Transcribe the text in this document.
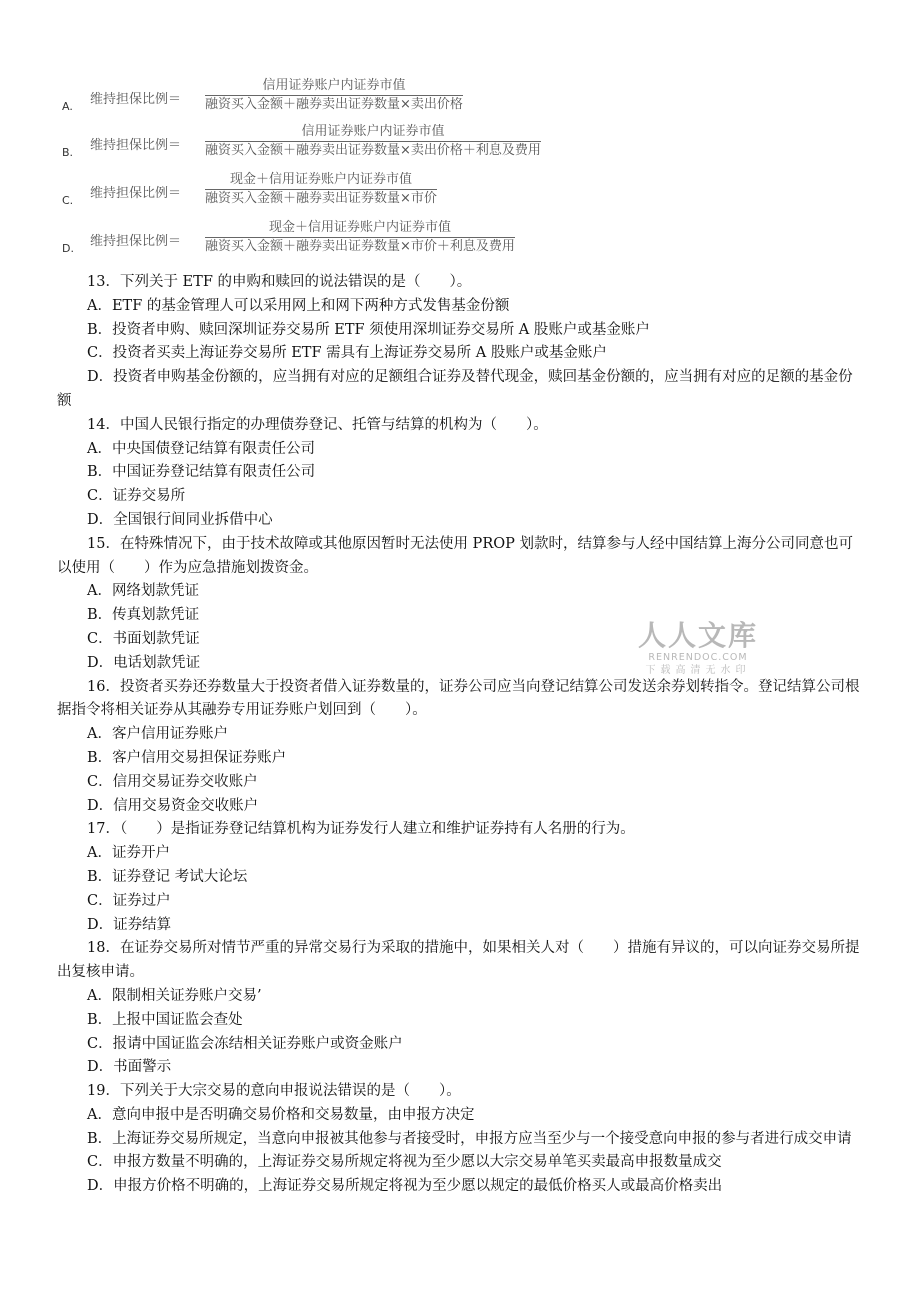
A. 维持担保比例＝
信用证券账户内证券市值
融资买入金额＋融券卖出证券数量×卖出价格
B. 维持担保比例＝
信用证券账户内证券市值
融资买入金额＋融券卖出证券数量×卖出价格＋利息及费用
C. 维持担保比例＝
现金＋信用证券账户内证券市值
融资买入金额＋融券卖出证券数量×市价
D. 维持担保比例＝
现金＋信用证券账户内证券市值
融资买入金额＋融券卖出证券数量×市价＋利息及费用

13．下列关于 ETF 的申购和赎回的说法错误的是（　　）。

A．ETF 的基金管理人可以采用网上和网下两种方式发售基金份额

B．投资者申购、赎回深圳证券交易所 ETF 须使用深圳证券交易所 A 股账户或基金账户

C．投资者买卖上海证券交易所 ETF 需具有上海证券交易所 A 股账户或基金账户

D．投资者申购基金份额的，应当拥有对应的足额组合证券及替代现金，赎回基金份额的，应当拥有对应的足额的基金份额

14．中国人民银行指定的办理债券登记、托管与结算的机构为（　　）。

A．中央国债登记结算有限责任公司

B．中国证券登记结算有限责任公司

C．证券交易所

D．全国银行间同业拆借中心

15．在特殊情况下，由于技术故障或其他原因暂时无法使用 PROP 划款时，结算参与人经中国结算上海分公司同意也可以使用（　　）作为应急措施划拨资金。

A．网络划款凭证

B．传真划款凭证

C．书面划款凭证

D．电话划款凭证

16．投资者买券还券数量大于投资者借入证券数量的，证券公司应当向登记结算公司发送余券划转指令。登记结算公司根据指令将相关证券从其融券专用证券账户划回到（　　）。

A．客户信用证券账户

B．客户信用交易担保证券账户

C．信用交易证券交收账户

D．信用交易资金交收账户

17．（　　）是指证券登记结算机构为证券发行人建立和维护证券持有人名册的行为。

A．证券开户

B．证券登记 考试大论坛

C．证券过户

D．证券结算

18．在证券交易所对情节严重的异常交易行为采取的措施中，如果相关人对（　　）措施有异议的，可以向证券交易所提出复核申请。

A．限制相关证券账户交易’

B．上报中国证监会查处

C．报请中国证监会冻结相关证券账户或资金账户

D．书面警示

19．下列关于大宗交易的意向申报说法错误的是（　　）。

A．意向申报中是否明确交易价格和交易数量，由申报方决定

B．上海证券交易所规定，当意向申报被其他参与者接受时，申报方应当至少与一个接受意向申报的参与者进行成交申请

C．申报方数量不明确的，上海证券交易所规定将视为至少愿以大宗交易单笔买卖最高申报数量成交

D．申报方价格不明确的，上海证券交易所规定将视为至少愿以规定的最低价格买人或最高价格卖出

人人文库
RENRENDOC.COM
下载高清无水印
